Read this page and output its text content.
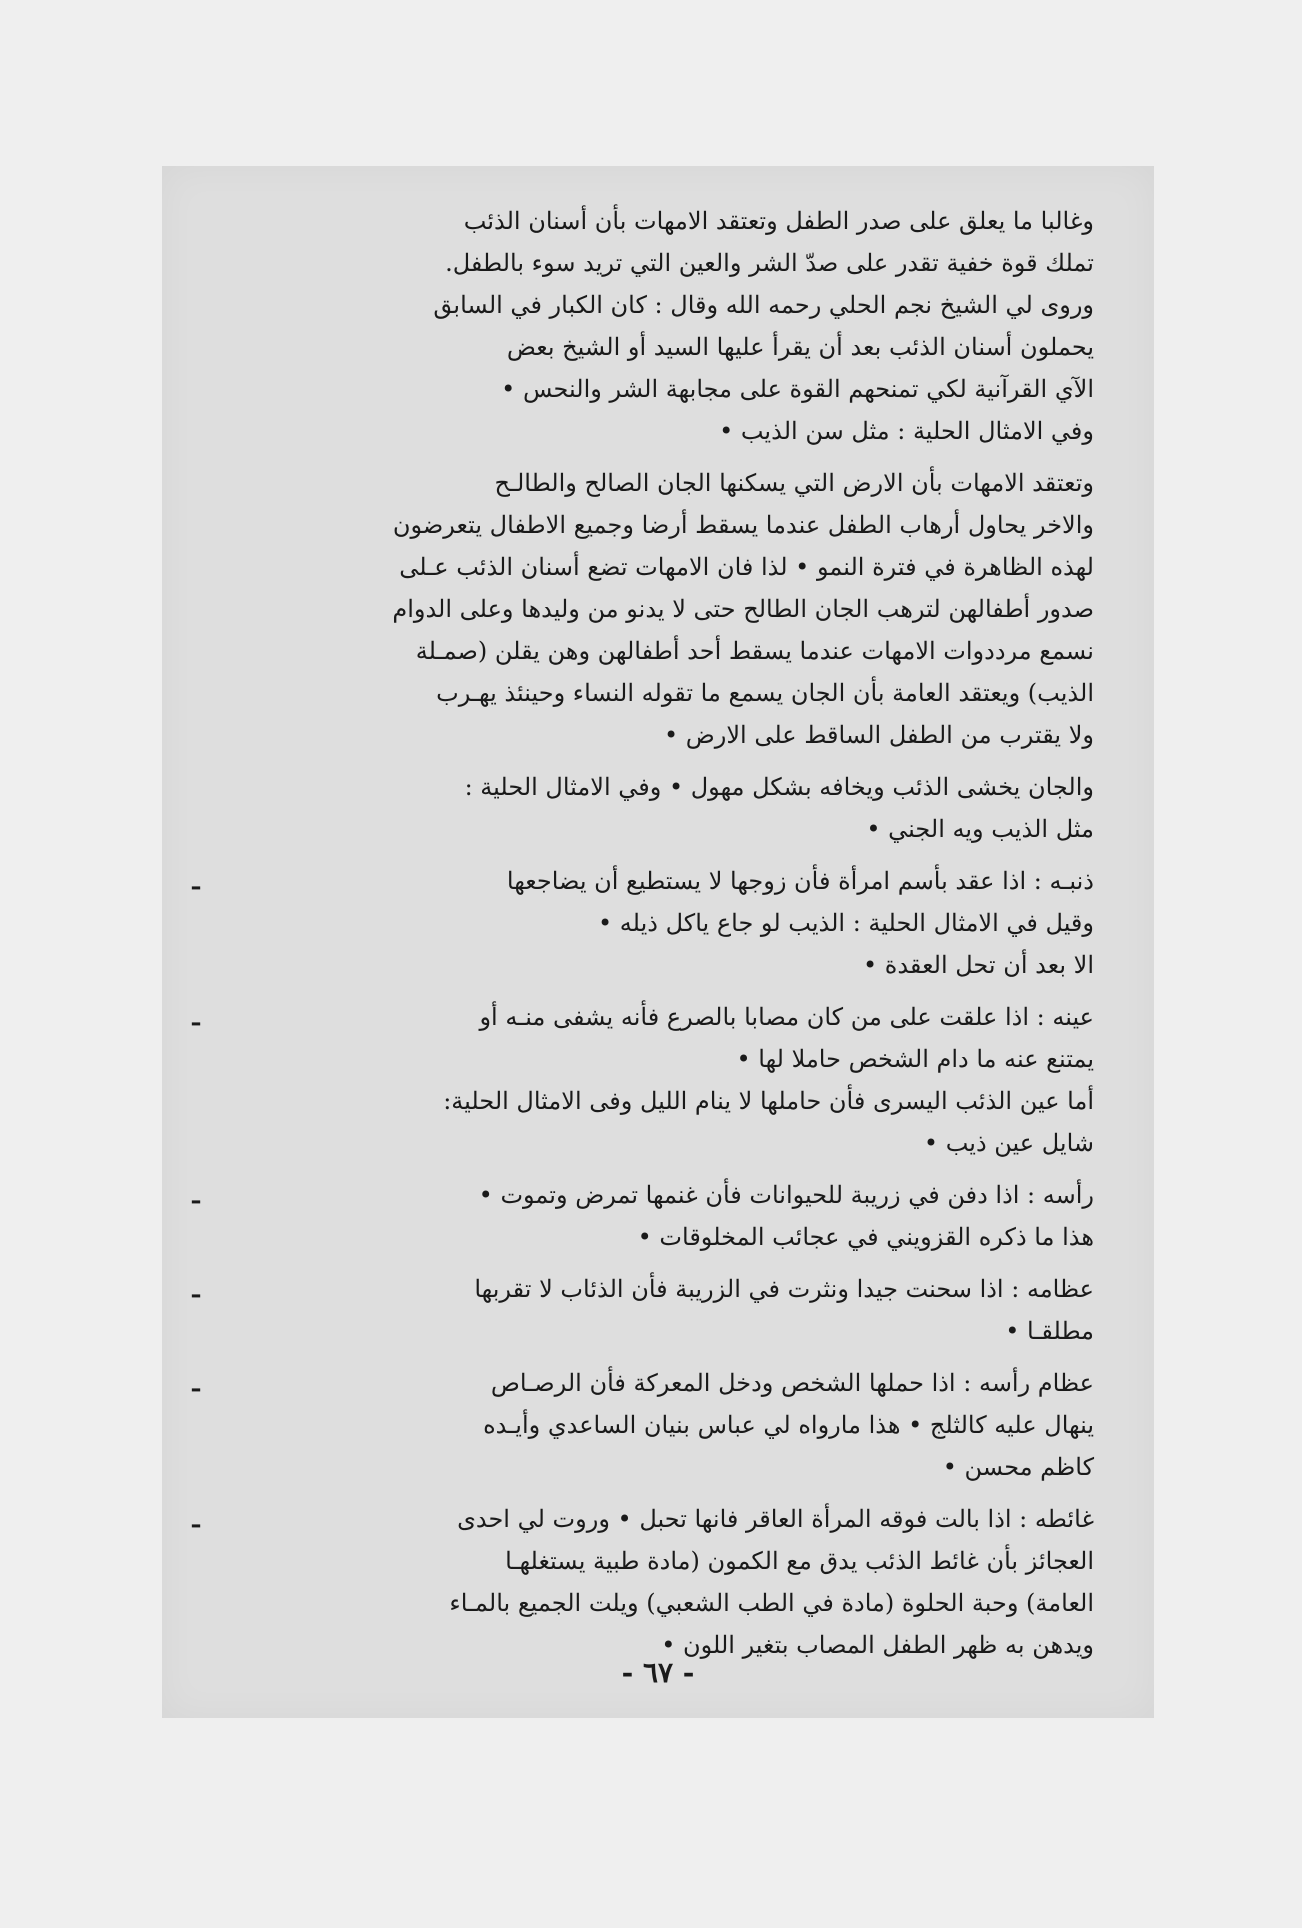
وغالبا ما يعلق على صدر الطفل وتعتقد الامهات بأن أسنان الذئب
تملك قوة خفية تقدر على صدّ الشر والعين التي تريد سوء بالطفل.
وروى لي الشيخ نجم الحلي رحمه الله وقال : كان الكبار في السابق
يحملون أسنان الذئب بعد أن يقرأ عليها السيد أو الشيخ بعض
الآي القرآنية لكي تمنحهم القوة على مجابهة الشر والنحس •
وفي الامثال الحلية : مثل سن الذيب •
وتعتقد الامهات بأن الارض التي يسكنها الجان الصالح والطالـح
والاخر يحاول أرهاب الطفل عندما يسقط أرضا وجميع الاطفال يتعرضون
لهذه الظاهرة في فترة النمو • لذا فان الامهات تضع أسنان الذئب عـلى
صدور أطفالهن لترهب الجان الطالح حتى لا يدنو من وليدها وعلى الدوام
نسمع مرددوات الامهات عندما يسقط أحد أطفالهن وهن يقلن (صمـلة
الذيب) ويعتقد العامة بأن الجان يسمع ما تقوله النساء وحينئذ يهـرب
ولا يقترب من الطفل الساقط على الارض •
والجان يخشى الذئب ويخافه بشكل مهول • وفي الامثال الحلية :
مثل الذيب ويه الجني •
ـ	ذنبـه : اذا عقد بأسم امرأة فأن زوجها لا يستطيع أن يضاجعها
وقيل في الامثال الحلية : الذيب لو جاع ياكل ذيله •
الا بعد أن تحل العقدة •
ـ	عينه : اذا علقت على من كان مصابا بالصرع فأنه يشفى منـه أو
يمتنع عنه ما دام الشخص حاملا لها •
أما عين الذئب اليسرى فأن حاملها لا ينام الليل وفى الامثال الحلية:
شايل عين ذيب •
ـ	رأسه : اذا دفن في زريبة للحيوانات فأن غنمها تمرض وتموت •
هذا ما ذكره القزويني في عجائب المخلوقات •
ـ	عظامه : اذا سحنت جيدا ونثرت في الزريبة فأن الذئاب لا تقربها
مطلقـا •
ـ	عظام رأسه : اذا حملها الشخص ودخل المعركة فأن الرصـاص
ينهال عليه كالثلج • هذا مارواه لي عباس بنيان الساعدي وأيـده
كاظم محسن •
ـ	غائطه : اذا بالت فوقه المرأة العاقر فانها تحبل • وروت لي احدى
العجائز بأن غائط الذئب يدق مع الكمون (مادة طبية يستغلهـا
العامة) وحبة الحلوة (مادة في الطب الشعبي) ويلت الجميع بالمـاء
ويدهن به ظهر الطفل المصاب بتغير اللون •
- ٦٧ -
